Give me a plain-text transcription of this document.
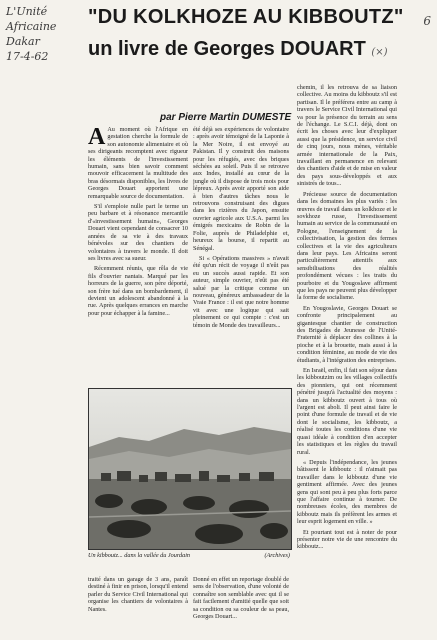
L'Unité
Africaine
Dakar
17-4-62
6
"DU KOLKHOZE AU KIBBOUTZ"
un livre de Georges DOUART (×)
par Pierre Martin DUMESTE

A Au moment où l'Afrique en gestation cherche la formule de son autonomie alimentaire et où ses dirigeants recomptent avec rigueur les éléments de l'investissement humain, sans bien savoir comment mouvoir efficacement la multitude des bras désormais disponibles, les livres de Georges Douart apportent une remarquable source de documentation.

S'il s'emploie nulle part le terme un peu barbare et à résonance mercantile d'«investissement humain», Georges Douart vient cependant de consacrer 10 années de sa vie à des travaux bénévoles sur des chantiers de volontaires à travers le monde. Il doit ses livres avec sa sueur.

Récemment réunis, que rêla de vie fils d'ouvrier nantais. Marqué par les horreurs de la guerre, son père déporté, son frère tué dans un bombardement, il devient un adolescent abandonné à la rue. Après quelques errances en marche pour pour échapper à la famine...

été déjà ses expériences de volontaire : après avoir témoigné de la Laponie à la Mer Noire, il est envoyé au Pakistan. Il y construit des maisons pour les réfugiés, avec des briques séchées au soleil. Puis il se retrouve aux Indes, installé au cœur de la jungle où il dispose de trois mois pour lépreux. Après avoir apporté son aide à bien d'autres tâches nous le retrouvons construisant des digues dans les rizières du Japon, ensuite ouvrier agricole aux U.S.A. parmi les émigrés mexicains de Robin de la Folie, auprès de Philadelphie et, heureux la bourse, il repartit au Sénégal.

Si « Opérations massives » n'avait été qu'un récit de voyage il n'eût pas eu un succès aussi rapide. Et son auteur, simple ouvrier, n'eût pas été salué par la critique comme un nouveau, généreux ambassadeur de la Vraie France : il est que notre homme vit avec une logique qui sait pleinement ce qui compte : c'est un témoin de Monde des travailleurs...

Un kibboutz... dans la vallée du Jourdain	(Archives)

traité dans un garage de 3 ans, paraît destiné à finir en prison, lorsqu'il entend parler du Service Civil International qui organise les chantiers de volontaires à Nantes.

Donné en effet un reportage doublé de sens de l'observation, d'une volonté de connaître son semblable avec qui il se fait facilement d'amitié quelle que soit sa condition ou sa couleur de sa peau, Georges Douart...

chemin, il les retrouva de sa liaison collective. Au moins du kibboutz s'il est partisan. Il le préférera entre au camp à travers le Service Civil International qui va pour la présence du terrain au sens de l'échange. Le S.C.I. déjà, dont on écrit les choses avec leur d'expliquer aussi que la présidence, un service civil de cinq jours, nous mènes, véritable armée internationale de la Paix, travaillant en permanence en relevant des chantiers d'aide et de mise en valeur des pays sous-développés et aux sinistrés de tous...

Précieuse source de documentation dans les domaines les plus variés : les œuvres de travail dans un kolkhoze et le sovkhoze russe, l'investissement humain au service de la communauté en Pologne, l'enseignement de la collectivisation, la gestion des fermes collectives et la vie des agriculteurs dans leur pays. Les Africains seront particulièrement attentifs aux sensibilisations des réalités profondément vécues : les traits du pourboire et du Yougoslave affirment que les pays ne peuvent plus développer la forme de socialisme.

En Yougoslavie, Georges Douart se confronte principalement au gigantesque chantier de construction des Brigades de Jeunesse de l'Unité-Fraternité à déplacer des collines à la pioche et à la brouette, mais aussi à la condition féminine, au mode de vie des étudiants, à l'intégration des entreprises.

En Israël, enfin, il fait son séjour dans les kibboutzim ou les villages collectifs des pionniers, qui ont récemment pénétré jusqu'à l'actualité des moyens : dans un kibboutz ouvert à tous où l'argent est aboli. Il peut ainsi faire le point d'une formule de travail et de vie dont le socialisme, les kibboutz, a réalisé toutes les conditions d'une vie quasi idéale à condition d'en accepter les statistiques et les règles du travail rural.

« Depuis l'indépendance, les jeunes bâtissent le kibboutz : il n'aimait pas travailler dans le kibboutz d'une vie gentiment affirmée. Avec des jeunes gens qui sont peu à peu plus forts parce que l'affaire continue à tourner. De nombreuses écoles, des membres de kibboutz mais ils préfèrent les armes et leur esprit logement en ville. »

Et pourtant tout est à noter de pour présenter notre vie de une rencontre du kibboutz...
